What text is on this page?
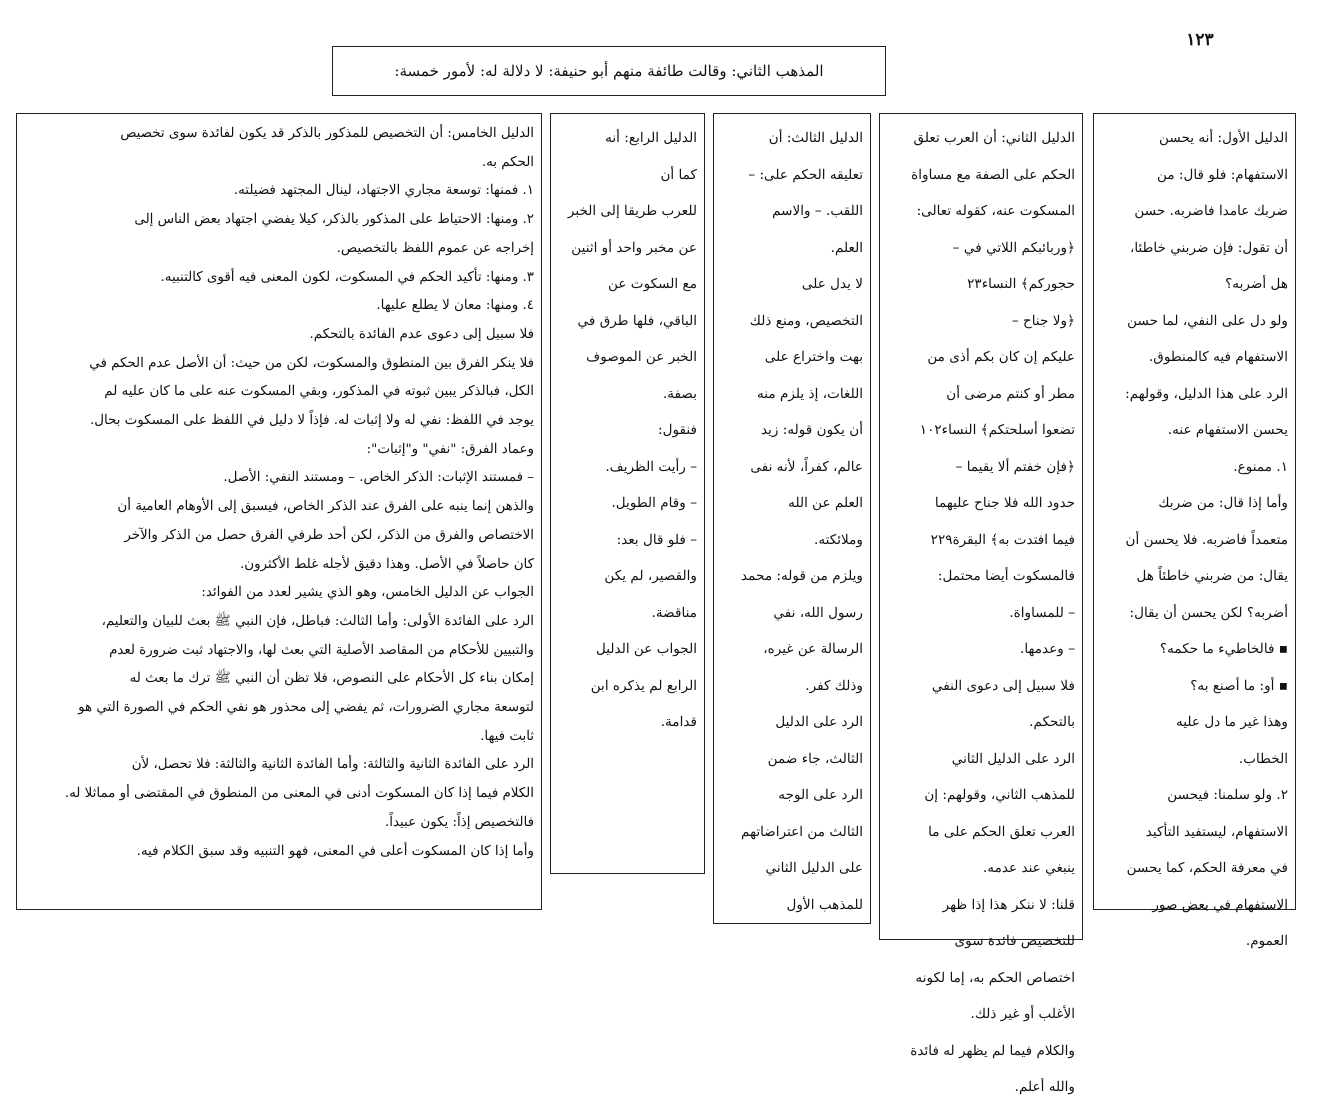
١٢٣
المذهب الثاني: وقالت طائفة منهم أبو حنيفة: لا دلالة له: لأمور خمسة:

الدليل الأول: أنه يحسن

الاستفهام: فلو قال: من

ضربك عامدا فاضربه. حسن

أن تقول: فإن ضربني خاطئا،

هل أضربه؟

ولو دل على النفي، لما حسن

الاستفهام فيه كالمنطوق.

الرد على هذا الدليل، وقولهم:

يحسن الاستفهام عنه.

١. ممنوع.

وأما إذا قال: من ضربك

متعمداً فاضربه. فلا يحسن أن

يقال: من ضربني خاطئاً هل

أضربه؟ لكن يحسن أن يقال:

▪ فالخاطيء ما حكمه؟

▪ أو: ما أصنع به؟

وهذا غير ما دل عليه

الخطاب.

٢. ولو سلمنا: فيحسن

الاستفهام، ليستفيد التأكيد

في معرفة الحكم، كما يحسن

الاستفهام في بعض صور

العموم.

الدليل الثاني: أن العرب تعلق

الحكم على الصفة مع مساواة

المسكوت عنه، كقوله تعالى:

﴿وربائبكم اللاتي في –

حجوركم﴾ النساء٢٣

﴿ولا جناح –

عليكم إن كان بكم أذى من

مطر أو كنتم مرضى أن

تضعوا أسلحتكم﴾ النساء١٠٢

﴿فإن خفتم ألا يقيما –

حدود الله فلا جناح عليهما

فيما افتدت به﴾ البقرة٢٢٩

فالمسكوت أيضا محتمل:

– للمساواة.

– وعدمها.

فلا سبيل إلى دعوى النفي

بالتحكم.

الرد على الدليل الثاني

للمذهب الثاني، وقولهم: إن

العرب تعلق الحكم على ما

ينبغي عند عدمه.

قلنا: لا ننكر هذا إذا ظهر

للتخصيص فائدة سوى

اختصاص الحكم به، إما لكونه

الأغلب أو غير ذلك.

والكلام فيما لم يظهر له فائدة

والله أعلم.

الدليل الثالث: أن

تعليقه الحكم على: –

اللقب. – والاسم

العلم.

لا يدل على

التخصيص، ومنع ذلك

بهت واختراع على

اللغات، إذ يلزم منه

أن يكون قوله: زيد

عالم، كفراً، لأنه نفى

العلم عن الله

وملائكته.

ويلزم من قوله: محمد

رسول الله، نفي

الرسالة عن غيره،

وذلك كفر.

الرد على الدليل

الثالث، جاء ضمن

الرد على الوجه

الثالث من اعتراضاتهم

على الدليل الثاني

للمذهب الأول

الدليل الرابع: أنه

كما أن

للعرب طريقا إلى الخبر

عن مخبر واحد أو اثنين

مع السكوت عن

الباقي، فلها طرق في

الخبر عن الموصوف

بصفة.

فنقول:

– رأيت الظريف.

– وقام الطويل.

– فلو قال بعد:

والقصير، لم يكن

مناقضة.

الجواب عن الدليل

الرابع لم يذكره ابن

قدامة.

الدليل الخامس: أن التخصيص للمذكور بالذكر قد يكون لفائدة سوى تخصيص

الحكم به.

١. فمنها: توسعة مجاري الاجتهاد، لينال المجتهد فضيلته.

٢. ومنها: الاحتياط على المذكور بالذكر، كيلا يفضي اجتهاد بعض الناس إلى

إخراجه عن عموم اللفظ بالتخصيص.

٣. ومنها: تأكيد الحكم في المسكوت، لكون المعنى فيه أقوى كالتنبيه.

٤. ومنها: معان لا يطلع عليها.

فلا سبيل إلى دعوى عدم الفائدة بالتحكم.

فلا ينكر الفرق بين المنطوق والمسكوت، لكن من حيث: أن الأصل عدم الحكم في

الكل، فبالذكر يبين ثبوته في المذكور، وبقي المسكوت عنه على ما كان عليه لم

يوجد في اللفظ: نفي له ولا إثبات له. فإذاً لا دليل في اللفظ على المسكوت بحال.

وعماد الفرق: "نفي" و"إثبات":

– فمستند الإثبات: الذكر الخاص. – ومستند النفي: الأصل.

والذهن إنما ينبه على الفرق عند الذكر الخاص، فيسبق إلى الأوهام العامية أن

الاختصاص والفرق من الذكر، لكن أحد طرفي الفرق حصل من الذكر والآخر

كان حاصلاً في الأصل. وهذا دقيق لأجله غلط الأكثرون.

الجواب عن الدليل الخامس، وهو الذي يشير لعدد من الفوائد:

الرد على الفائدة الأولى: وأما الثالث: فباطل، فإن النبي ﷺ بعث للبيان والتعليم،

والتبيين للأحكام من المقاصد الأصلية التي بعث لها، والاجتهاد ثبت ضرورة لعدم

إمكان بناء كل الأحكام على النصوص، فلا تظن أن النبي ﷺ ترك ما بعث له

لتوسعة مجاري الضرورات، ثم يفضي إلى محذور هو نفي الحكم في الصورة التي هو

ثابت فيها.

الرد على الفائدة الثانية والثالثة: وأما الفائدة الثانية والثالثة: فلا تحصل، لأن

الكلام فيما إذا كان المسكوت أدنى في المعنى من المنطوق في المقتضى أو مماثلا له.

فالتخصيص إذاً: يكون عبيداً.

وأما إذا كان المسكوت أعلى في المعنى، فهو التنبيه وقد سبق الكلام فيه.
